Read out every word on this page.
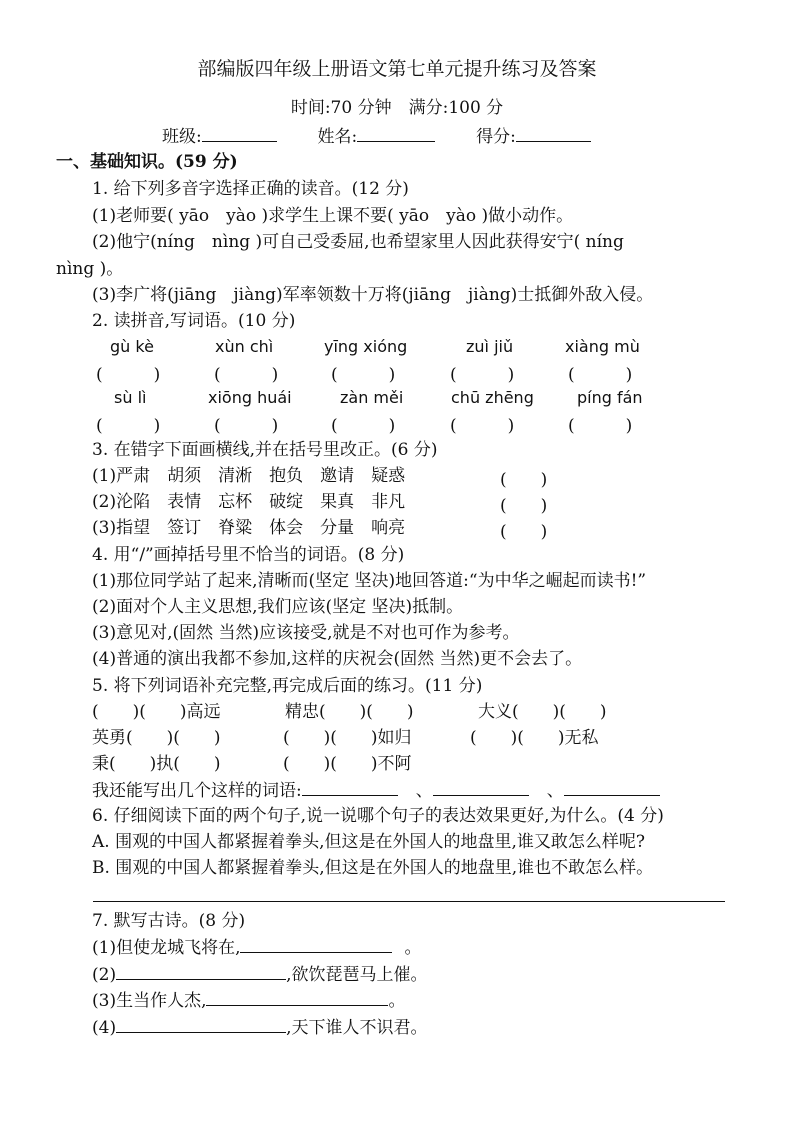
部编版四年级上册语文第七单元提升练习及答案
时间:70 分钟　满分:100 分
班级:	姓名:	得分:
一、基础知识。(59 分)
1. 给下列多音字选择正确的读音。(12 分)
(1)老师要( yāo　yào )求学生上课不要( yāo　yào )做小动作。
(2)他宁(níng　nìng )可自己受委屈,也希望家里人因此获得安宁( níng
nìng )。
(3)李广将(jiāng　jiàng)军率领数十万将(jiāng　jiàng)士抵御外敌入侵。
2. 读拼音,写词语。(10 分)
gù kè	xùn chì	yīng xióng	zuì jiǔ	xiàng mù
(　　　)	(　　　)	(　　　)	(　　　)	(　　　)
sù lì	xiōng huái	zàn měi	chū zhēng	píng fán
(　　　)	(　　　)	(　　　)	(　　　)	(　　　)
3. 在错字下面画横线,并在括号里改正。(6 分)
(1)严肃　胡须　清淅　抱负　邀请　疑惑	(　　)
(2)沦陷　表情　忘杯　破绽　果真　非凡	(　　)
(3)指望　签订　脊粱　体会　分量　响亮	(　　)
4. 用“/”画掉括号里不恰当的词语。(8 分)
(1)那位同学站了起来,清晰而(坚定 坚决)地回答道:“为中华之崛起而读书!”
(2)面对个人主义思想,我们应该(坚定 坚决)抵制。
(3)意见对,(固然 当然)应该接受,就是不对也可作为参考。
(4)普通的演出我都不参加,这样的庆祝会(固然 当然)更不会去了。
5. 将下列词语补充完整,再完成后面的练习。(11 分)
(　　)(　　)高远	精忠(　　)(　　)	大义(　　)(　　)
英勇(　　)(　　)	(　　)(　　)如归	(　　)(　　)无私
秉(　　)执(　　)	(　　)(　　)不阿
我还能写出几个这样的词语:	、	、
6. 仔细阅读下面的两个句子,说一说哪个句子的表达效果更好,为什么。(4 分)
A. 围观的中国人都紧握着拳头,但这是在外国人的地盘里,谁又敢怎么样呢?
B. 围观的中国人都紧握着拳头,但这是在外国人的地盘里,谁也不敢怎么样。
7. 默写古诗。(8 分)
(1)但使龙城飞将在,	。
(2)	,欲饮琵琶马上催。
(3)生当作人杰,	。
(4)	,天下谁人不识君。
